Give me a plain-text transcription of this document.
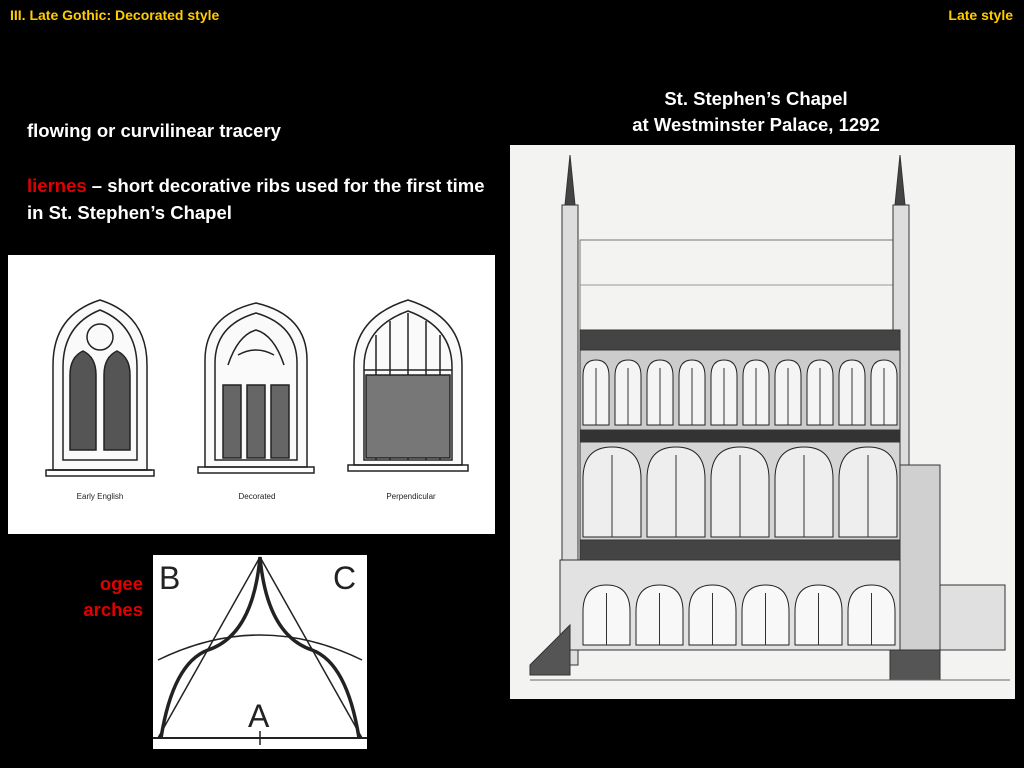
III. Late Gothic: Decorated style	Late style
St. Stephen’s Chapel
at Westminster Palace, 1292
flowing or curvilinear tracery
liernes – short decorative ribs used for the first time in St. Stephen’s Chapel
ogee
arches
Early English	Decorated	Perpendicular
B	C
A
